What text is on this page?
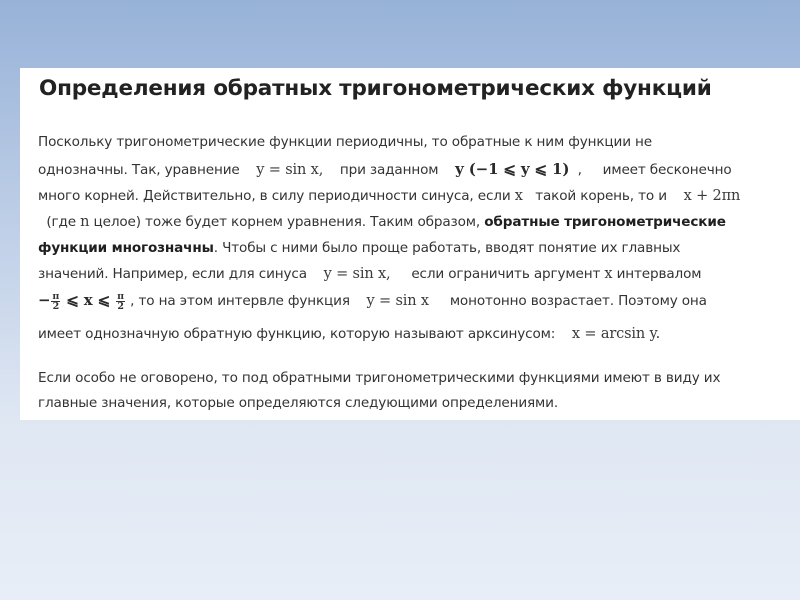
Определения обратных тригонометрических функций
Поскольку тригонометрические функции периодичны, то обратные к ним функции не
однозначны. Так, уравнение    y = sin x,    при заданном    y (−1 ⩽ y ⩽ 1)  ,     имеет бесконечно
много корней. Действительно, в силу периодичности синуса, если x   такой корень, то и    x + 2πn
(где n целое) тоже будет корнем уравнения. Таким образом, обратные тригонометрические
функции многозначны. Чтобы с ними было проще работать, вводят понятие их главных
значений. Например, если для синуса    y = sin x,     если ограничить аргумент x интервалом
− $\frac{\pi}{2}$ ⩽ x ⩽ $\frac{\pi}{2}$ , то на этом интервле функция    y = sin x     монотонно возрастает. Поэтому она
имеет однозначную обратную функцию, которую называют арксинусом:    x = arcsin y.
Если особо не оговорено, то под обратными тригонометрическими функциями имеют в виду их
главные значения, которые определяются следующими определениями.
